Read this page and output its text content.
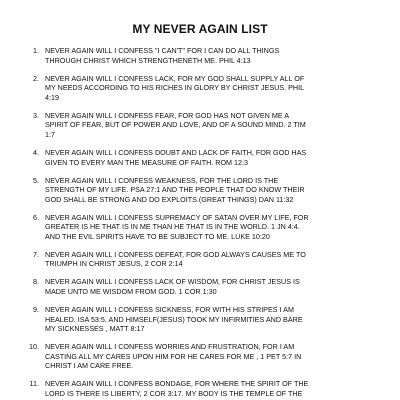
MY NEVER AGAIN LIST
1. NEVER AGAIN WILL I CONFESS "I CAN'T" FOR I CAN DO ALL THINGS
THROUGH CHRIST WHICH STRENGTHENETH ME. PHIL 4:13
2. NEVER AGAIN WILL I CONFESS LACK, FOR MY GOD SHALL SUPPLY ALL OF
MY NEEDS ACCORDING TO HIS RICHES IN GLORY BY CHRIST JESUS. PHIL
4:19
3. NEVER AGAIN WILL I CONFESS FEAR, FOR GOD HAS NOT GIVEN ME A
SPIRIT OF FEAR, BUT OF POWER AND LOVE, AND OF A SOUND MIND. 2 TIM
1:7
4. NEVER AGAIN WILL I CONFESS DOUBT AND LACK OF FAITH, FOR GOD HAS
GIVEN TO EVERY MAN THE MEASURE OF FAITH. ROM 12:3
5. NEVER AGAIN WILL I CONFESS WEAKNESS, FOR THE LORD IS THE
STRENGTH OF MY LIFE. PSA 27:1 AND THE PEOPLE THAT DO KNOW THEIR
GOD SHALL BE STRONG AND DO EXPLOITS.(GREAT THINGS) DAN 11:32
6. NEVER AGAIN WILL I CONFESS SUPREMACY OF SATAN OVER MY LIFE, FOR
GREATER IS HE THAT IS IN ME THAN HE THAT IS IN THE WORLD. 1 JN 4:4.
AND THE EVIL SPIRITS HAVE TO BE SUBJECT TO ME. LUKE 10:20
7. NEVER AGAIN WILL I CONFESS DEFEAT, FOR GOD ALWAYS CAUSES ME TO
TRIUMPH IN CHRIST JESUS, 2 COR 2:14
8. NEVER AGAIN WILL I CONFESS LACK OF WISDOM, FOR CHRIST JESUS IS
MADE UNTO ME WISDOM FROM GOD. 1 COR 1:30
9. NEVER AGAIN WILL I CONFESS SICKNESS, FOR WITH HIS STRIPES I AM
HEALED. ISA 53:5, AND HIMSELF(JESUS) TOOK MY INFIRMITIES AND BARE
MY SICKNESSES , MATT 8:17
10. NEVER AGAIN WILL I CONFESS WORRIES AND FRUSTRATION, FOR I AM
CASTING ALL MY CARES UPON HIM FOR HE CARES FOR ME , 1 PET 5:7 IN
CHRIST I AM CARE FREE.
11. NEVER AGAIN WILL I CONFESS BONDAGE, FOR WHERE THE SPIRIT OF THE
LORD IS THERE IS LIBERTY, 2 COR 3:17. MY BODY IS THE TEMPLE OF THE
